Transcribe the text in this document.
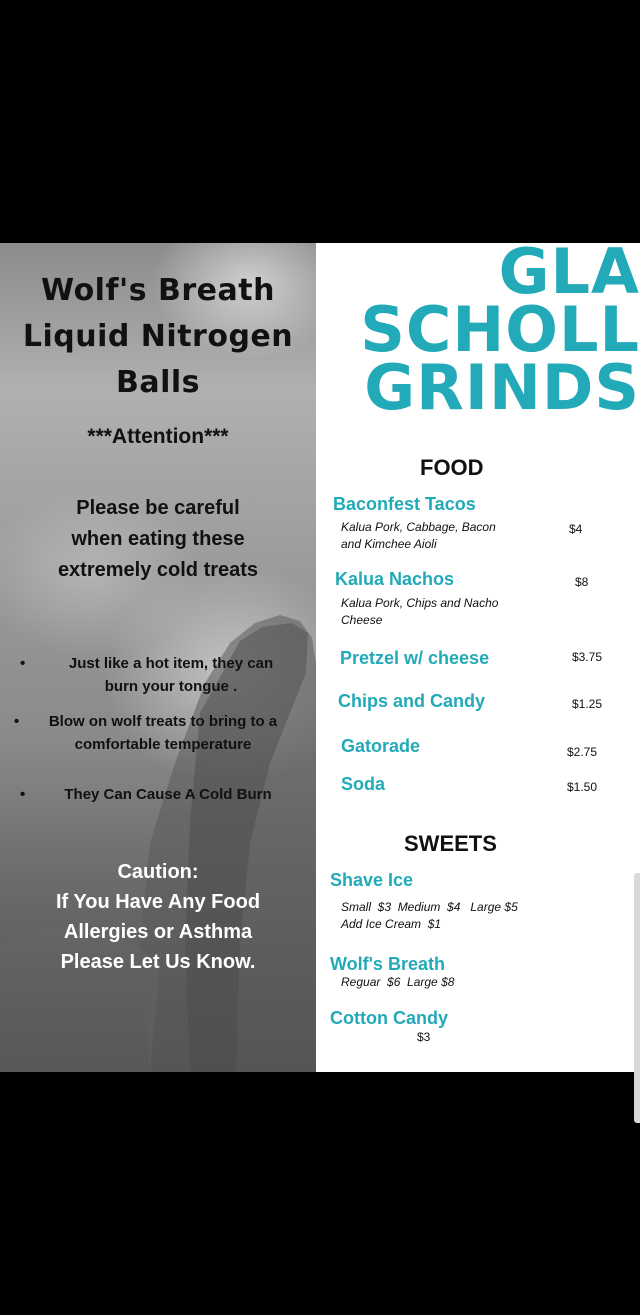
Wolf's Breath
Liquid Nitrogen
Balls
***Attention***
Please be careful
when eating these
extremely cold treats
•	Just like a hot item, they can
burn your tongue .
•	Blow on wolf treats to bring to a
comfortable temperature
•	They Can Cause A Cold Burn
Caution:
If You Have Any Food
Allergies or Asthma
Please Let Us Know.
GLA
SCHOLL
GRINDS
FOOD
Baconfest Tacos
Kalua Pork, Cabbage, Bacon
and Kimchee Aioli
$4
Kalua Nachos
Kalua Pork, Chips and Nacho
Cheese
$8
Pretzel w/ cheese	$3.75
Chips and Candy	$1.25
Gatorade	$2.75
Soda	$1.50
SWEETS
Shave Ice
Small  $3  Medium  $4   Large $5
Add Ice Cream  $1
Wolf's Breath
Reguar  $6  Large $8
Cotton Candy
$3
